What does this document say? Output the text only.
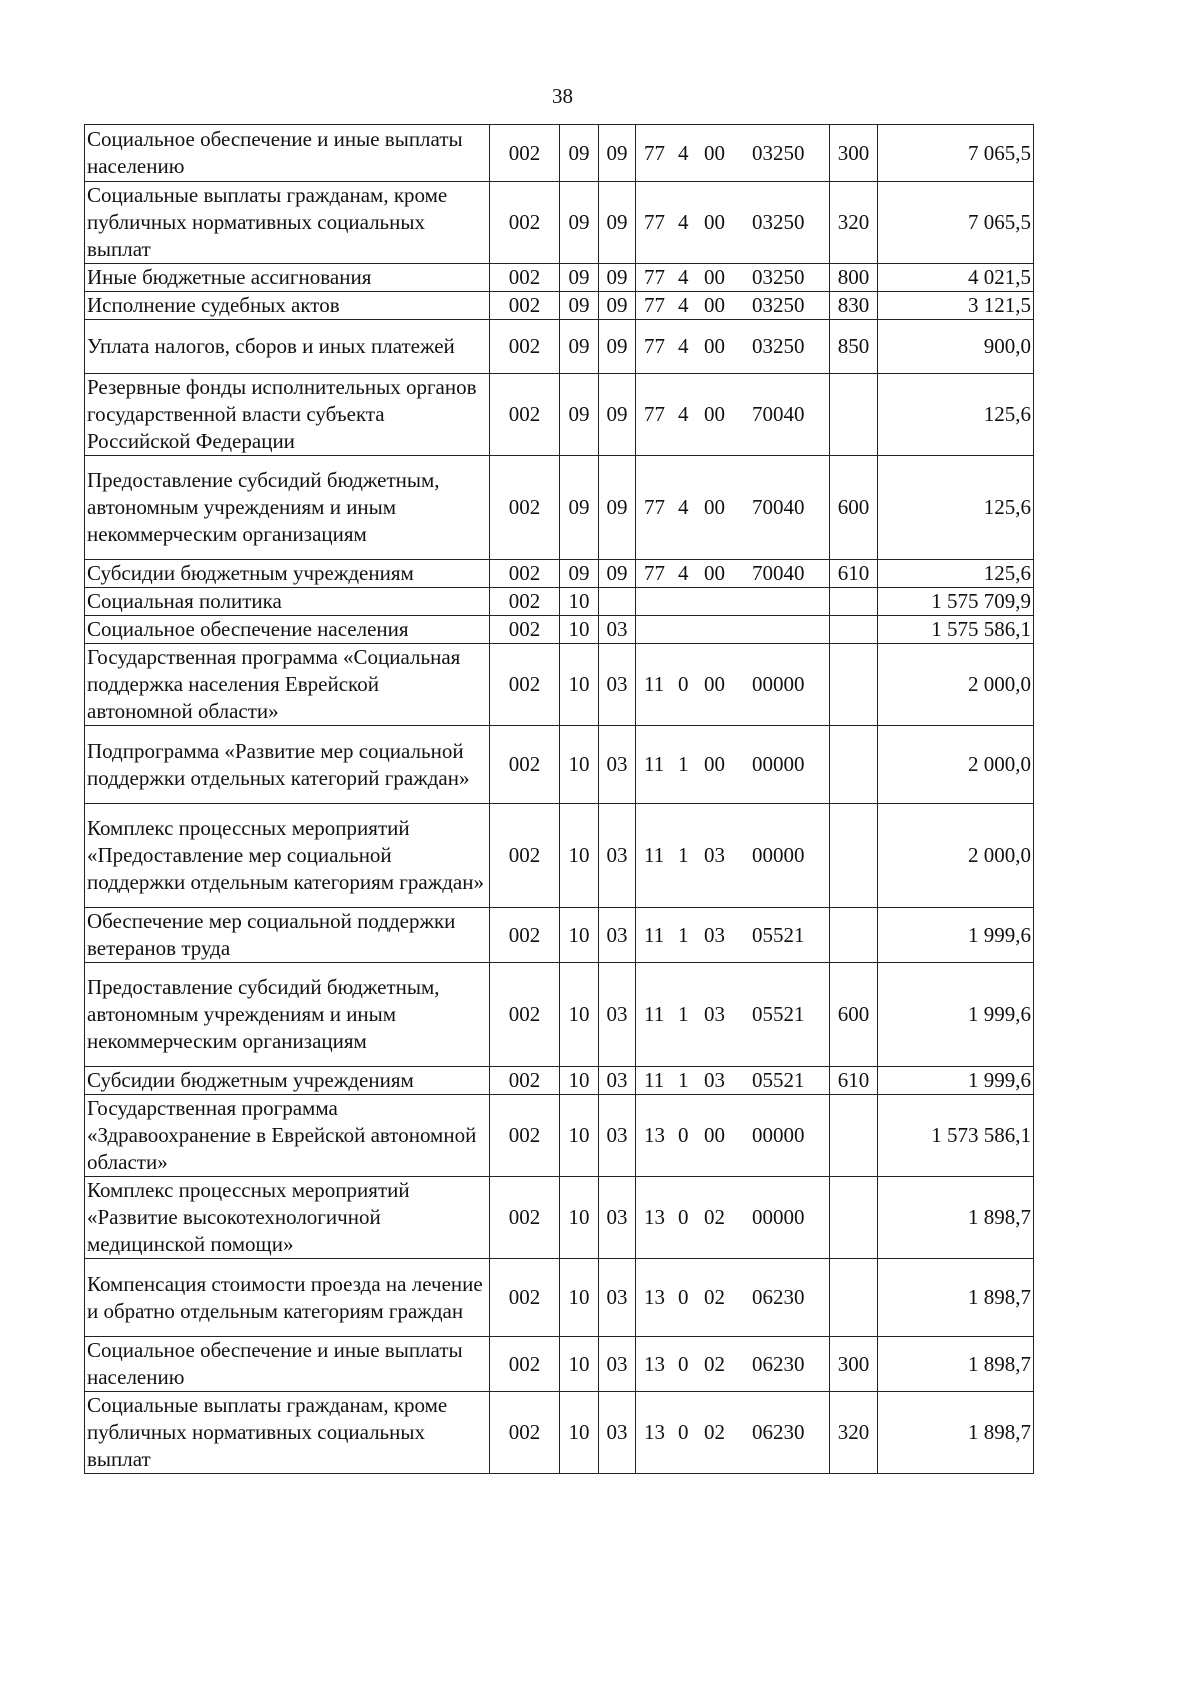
38
Социальное обеспечение и иные выплаты населению	002	09	09	77 4 00 03250	300	7 065,5
Социальные выплаты гражданам, кроме публичных нормативных социальных выплат	002	09	09	77 4 00 03250	320	7 065,5
Иные бюджетные ассигнования	002	09	09	77 4 00 03250	800	4 021,5
Исполнение судебных актов	002	09	09	77 4 00 03250	830	3 121,5
Уплата налогов, сборов и иных платежей	002	09	09	77 4 00 03250	850	900,0
Резервные фонды исполнительных органов государственной власти субъекта Российской Федерации	002	09	09	77 4 00 70040		125,6
Предоставление субсидий бюджетным, автономным учреждениям и иным некоммерческим организациям	002	09	09	77 4 00 70040	600	125,6
Субсидии бюджетным учреждениям	002	09	09	77 4 00 70040	610	125,6
Социальная политика	002	10				1 575 709,9
Социальное обеспечение населения	002	10	03			1 575 586,1
Государственная программа «Социальная поддержка населения Еврейской автономной области»	002	10	03	11 0 00 00000		2 000,0
Подпрограмма «Развитие мер социальной поддержки отдельных категорий граждан»	002	10	03	11 1 00 00000		2 000,0
Комплекс процессных мероприятий «Предоставление мер социальной поддержки отдельным категориям граждан»	002	10	03	11 1 03 00000		2 000,0
Обеспечение мер социальной поддержки ветеранов труда	002	10	03	11 1 03 05521		1 999,6
Предоставление субсидий бюджетным, автономным учреждениям и иным некоммерческим организациям	002	10	03	11 1 03 05521	600	1 999,6
Субсидии бюджетным учреждениям	002	10	03	11 1 03 05521	610	1 999,6
Государственная программа «Здравоохранение в Еврейской автономной области»	002	10	03	13 0 00 00000		1 573 586,1
Комплекс процессных мероприятий «Развитие высокотехнологичной медицинской помощи»	002	10	03	13 0 02 00000		1 898,7
Компенсация стоимости проезда на лечение и обратно отдельным категориям граждан	002	10	03	13 0 02 06230		1 898,7
Социальное обеспечение и иные выплаты населению	002	10	03	13 0 02 06230	300	1 898,7
Социальные выплаты гражданам, кроме публичных нормативных социальных выплат	002	10	03	13 0 02 06230	320	1 898,7
